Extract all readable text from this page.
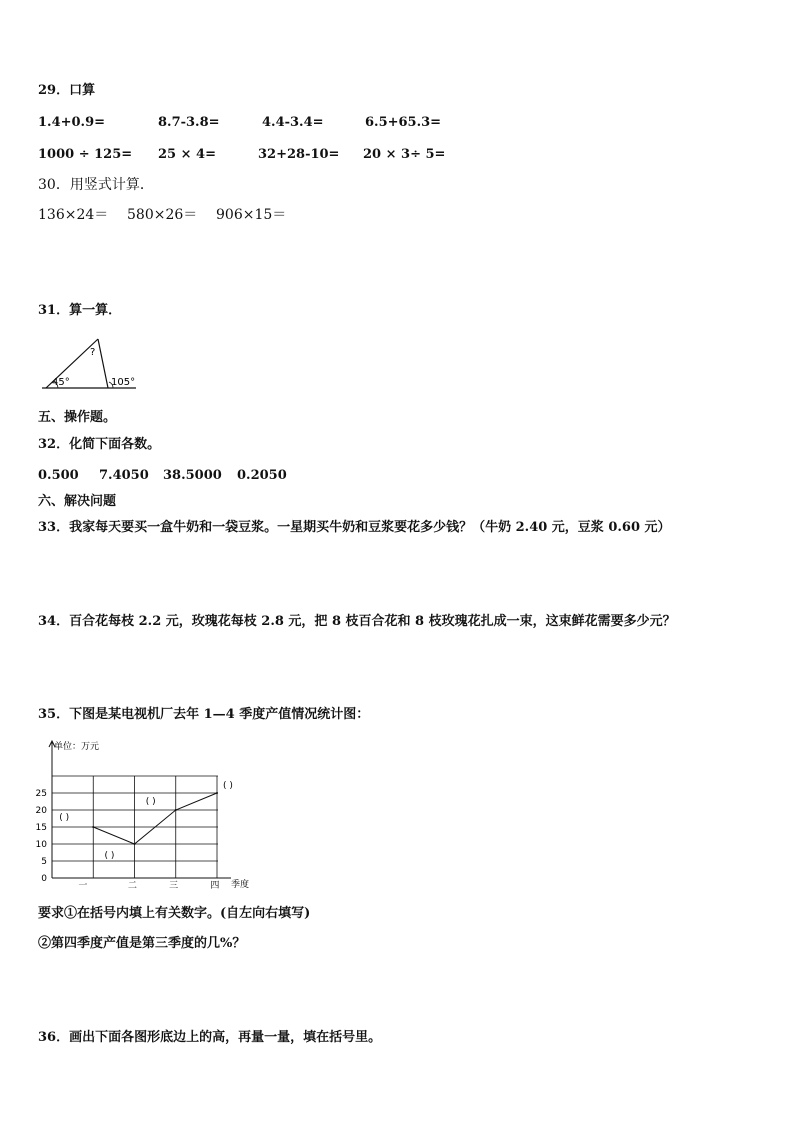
29．口算
1.4+0.9=	8.7-3.8=	4.4-3.4=	6.5+65.3=
1000 ÷ 125= 25 × 4=	32+28-10= 20 × 3÷ 5=
30．用竖式计算．
136×24＝ 580×26＝ 906×15＝
31．算一算．
?
45°	105°
五、操作题。
32．化简下面各数。
0.500 7.4050 38.5000 0.2050
六、解决问题
33．我家每天要买一盒牛奶和一袋豆浆。一星期买牛奶和豆浆要花多少钱？（牛奶 2.40 元，豆浆 0.60 元）
34．百合花每枝 2.2 元，玫瑰花每枝 2.8 元，把 8 枝百合花和 8 枝玫瑰花扎成一束，这束鲜花需要多少元？
35．下图是某电视机厂去年 1—4 季度产值情况统计图：
0
5
10
15
20
25
一	二	三	四
( )
( )
( )
( )
单位：万元
季度
要求①在括号内填上有关数字。(自左向右填写)
②第四季度产值是第三季度的几%？
36．画出下面各图形底边上的高，再量一量，填在括号里。
